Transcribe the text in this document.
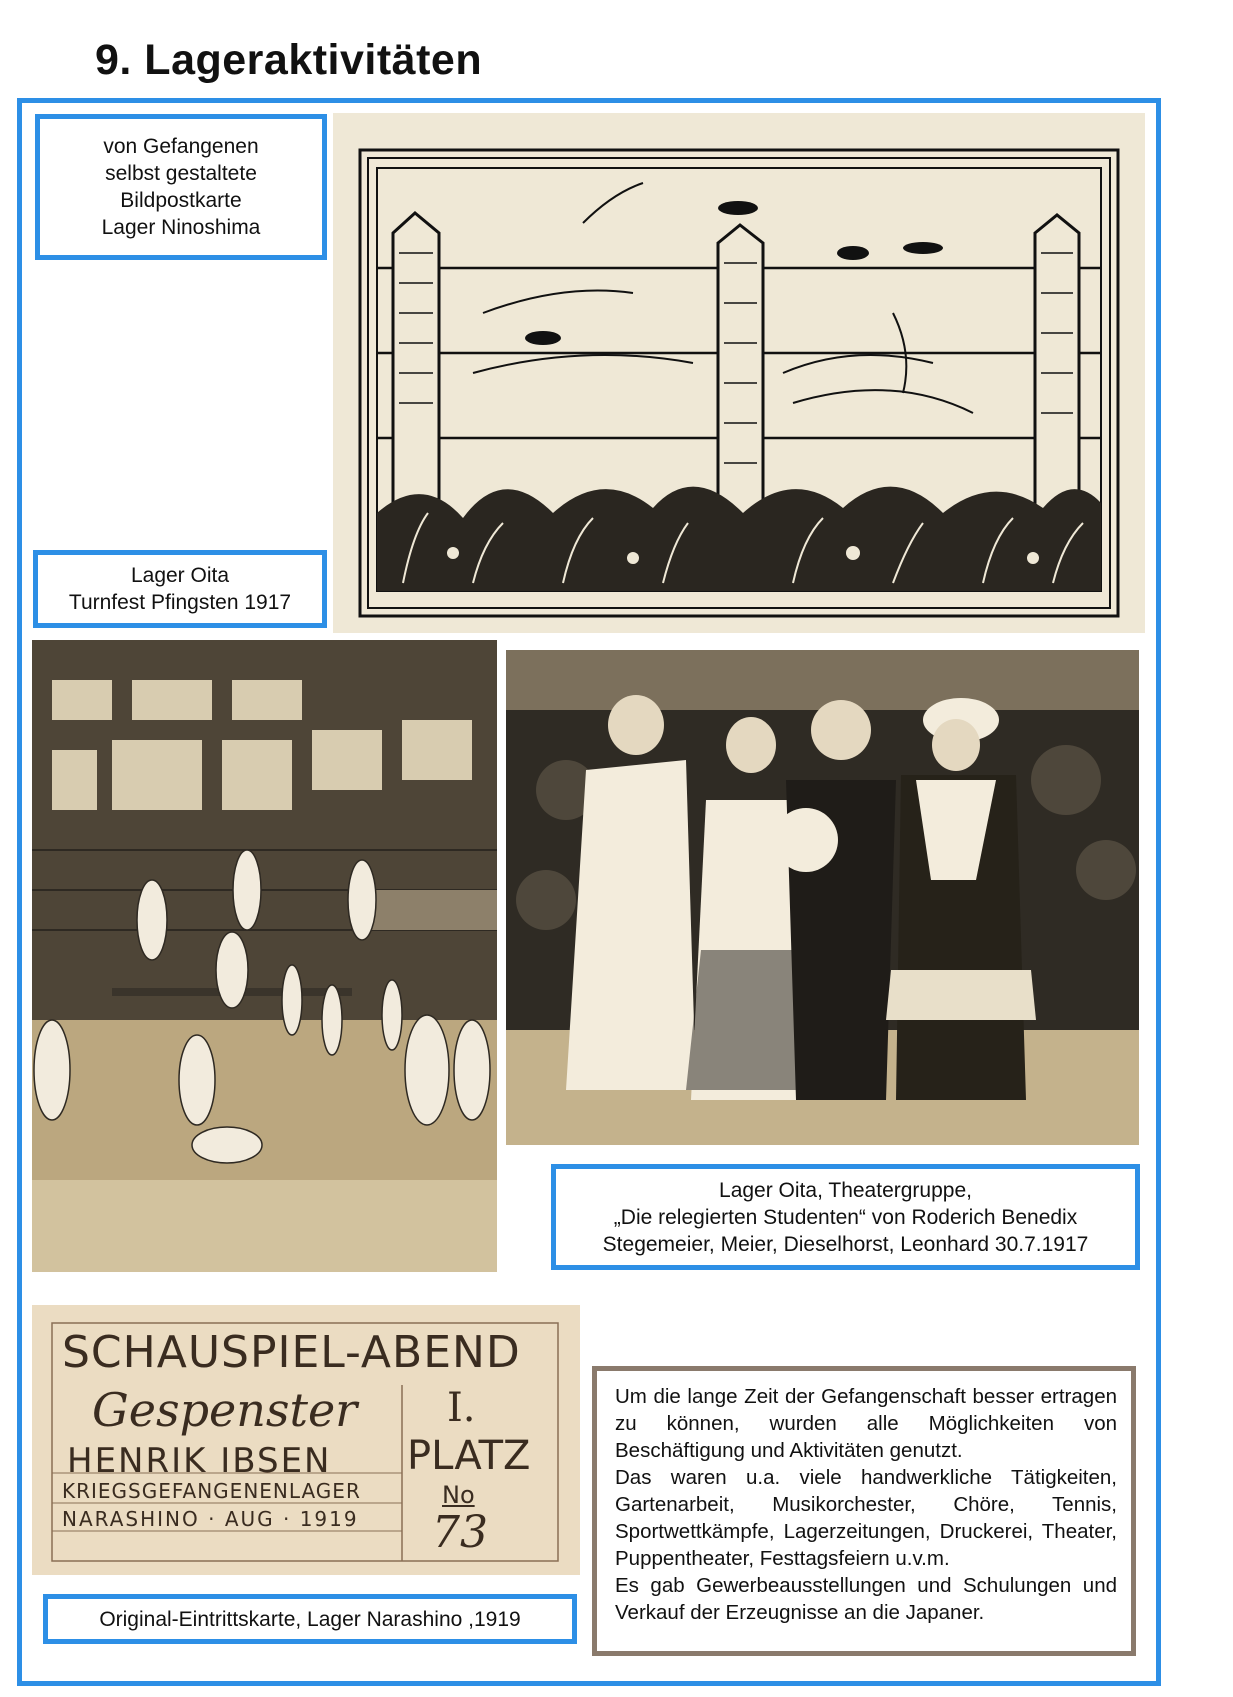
9. Lageraktivitäten
von Gefangenen
selbst gestaltete
Bildpostkarte
Lager Ninoshima
Lager Oita
Turnfest Pfingsten 1917
Lager Oita, Theatergruppe,
„Die relegierten Studenten“ von Roderich Benedix
Stegemeier, Meier, Dieselhorst, Leonhard 30.7.1917
SCHAUSPIEL-ABEND
Gespenster
HENRIK IBSEN
KRIEGSGEFANGENENLAGER
NARASHINO · AUG · 1919
I.
PLATZ
No
73
Original-Eintrittskarte, Lager Narashino ,1919

Um die lange Zeit der Gefangenschaft besser ertragen zu können, wurden alle Möglichkeiten von Beschäftigung und Aktivitäten genutzt.

Das waren u.a. viele handwerkliche Tätigkeiten, Gartenarbeit, Musikorchester, Chöre, Tennis, Sportwettkämpfe, Lagerzeitungen, Druckerei, Theater, Puppentheater, Festtagsfeiern u.v.m.

Es gab Gewerbeausstellungen und Schulungen und Verkauf der Erzeugnisse an die Japaner.
